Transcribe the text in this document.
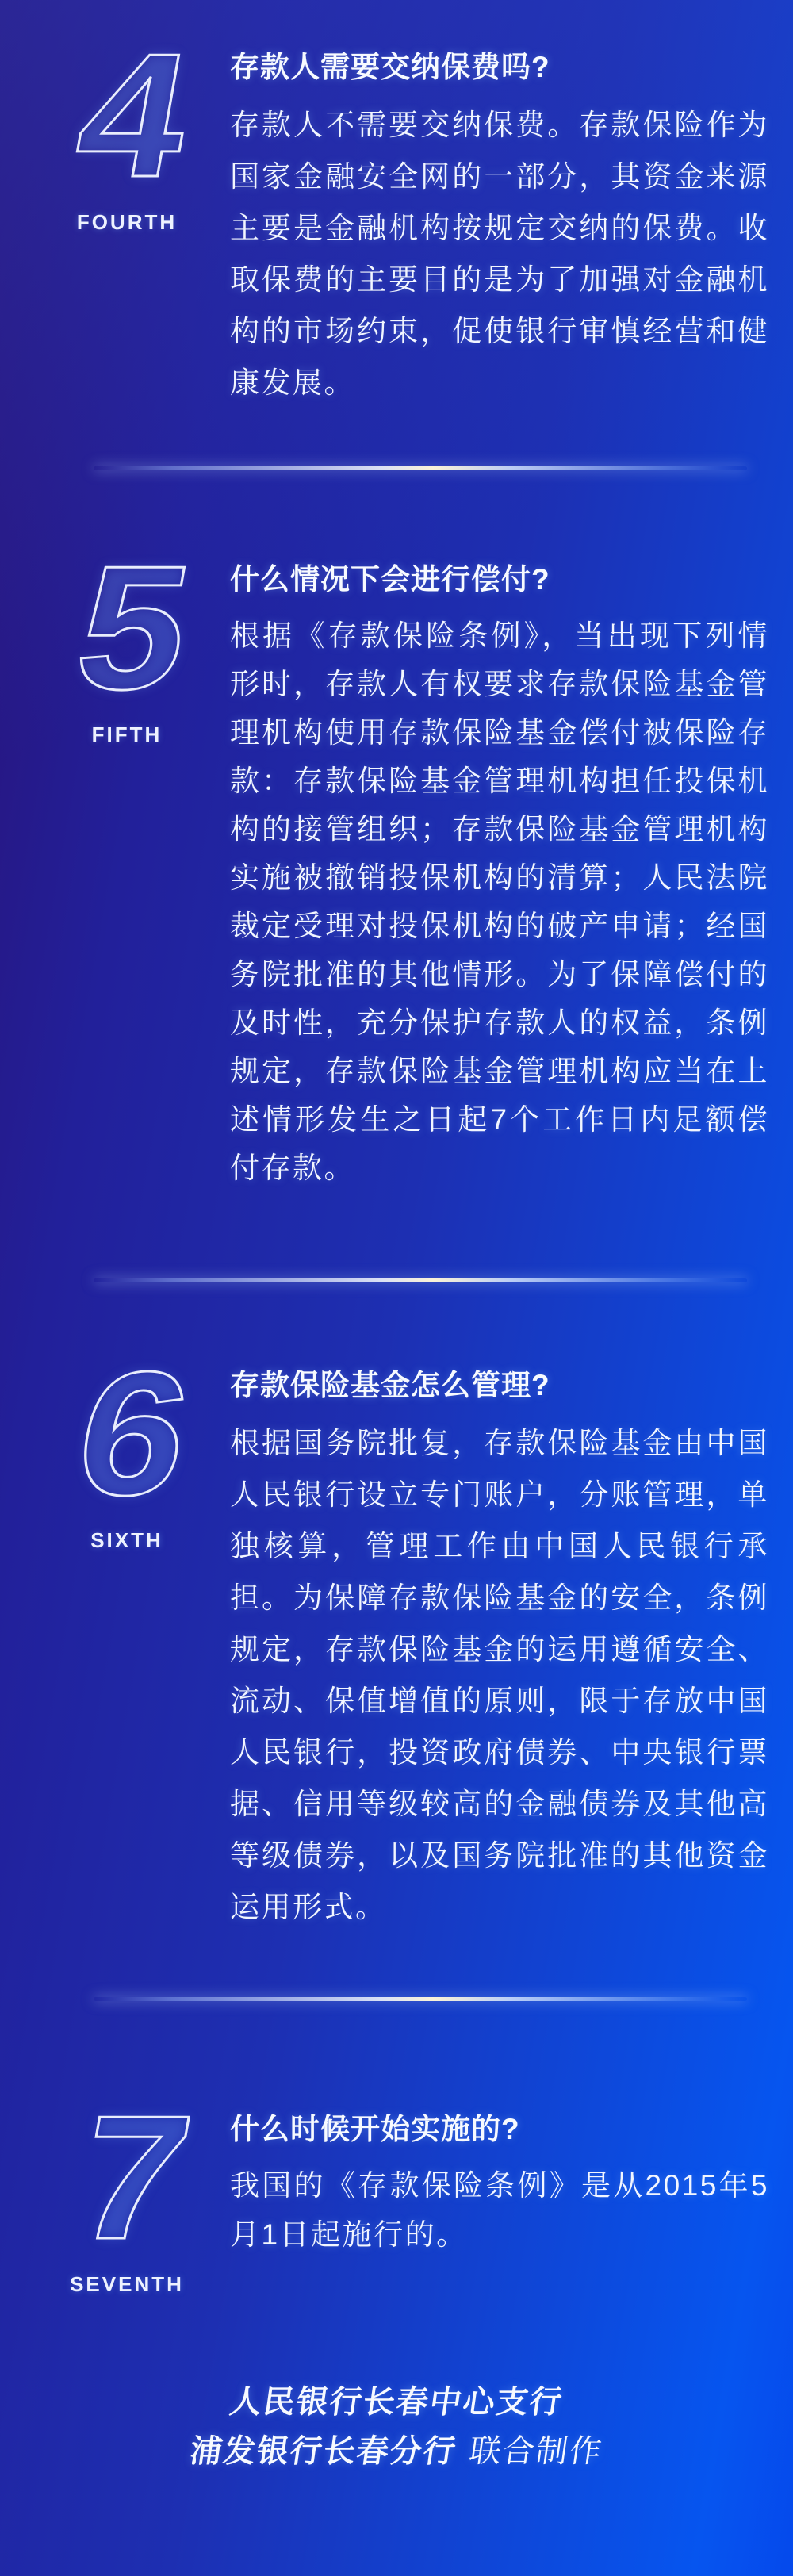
4
FOURTH
存款人需要交纳保费吗?

存款人不需要交纳保费。存款保险作为国家金融安全网的一部分，其资金来源主要是金融机构按规定交纳的保费。收取保费的主要目的是为了加强对金融机构的市场约束，促使银行审慎经营和健康发展。

5
FIFTH
什么情况下会进行偿付?

根据《存款保险条例》，当出现下列情形时，存款人有权要求存款保险基金管理机构使用存款保险基金偿付被保险存款：存款保险基金管理机构担任投保机构的接管组织；存款保险基金管理机构实施被撤销投保机构的清算；人民法院裁定受理对投保机构的破产申请；经国务院批准的其他情形。为了保障偿付的及时性，充分保护存款人的权益，条例规定，存款保险基金管理机构应当在上述情形发生之日起7个工作日内足额偿付存款。

6
SIXTH
存款保险基金怎么管理?

根据国务院批复，存款保险基金由中国人民银行设立专门账户，分账管理，单独核算，管理工作由中国人民银行承担。为保障存款保险基金的安全，条例规定，存款保险基金的运用遵循安全、流动、保值增值的原则，限于存放中国人民银行，投资政府债券、中央银行票据、信用等级较高的金融债券及其他高等级债券，以及国务院批准的其他资金运用形式。

7
SEVENTH
什么时候开始实施的?

我国的《存款保险条例》是从2015年5月1日起施行的。

人民银行长春中心支行
浦发银行长春分行 联合制作
